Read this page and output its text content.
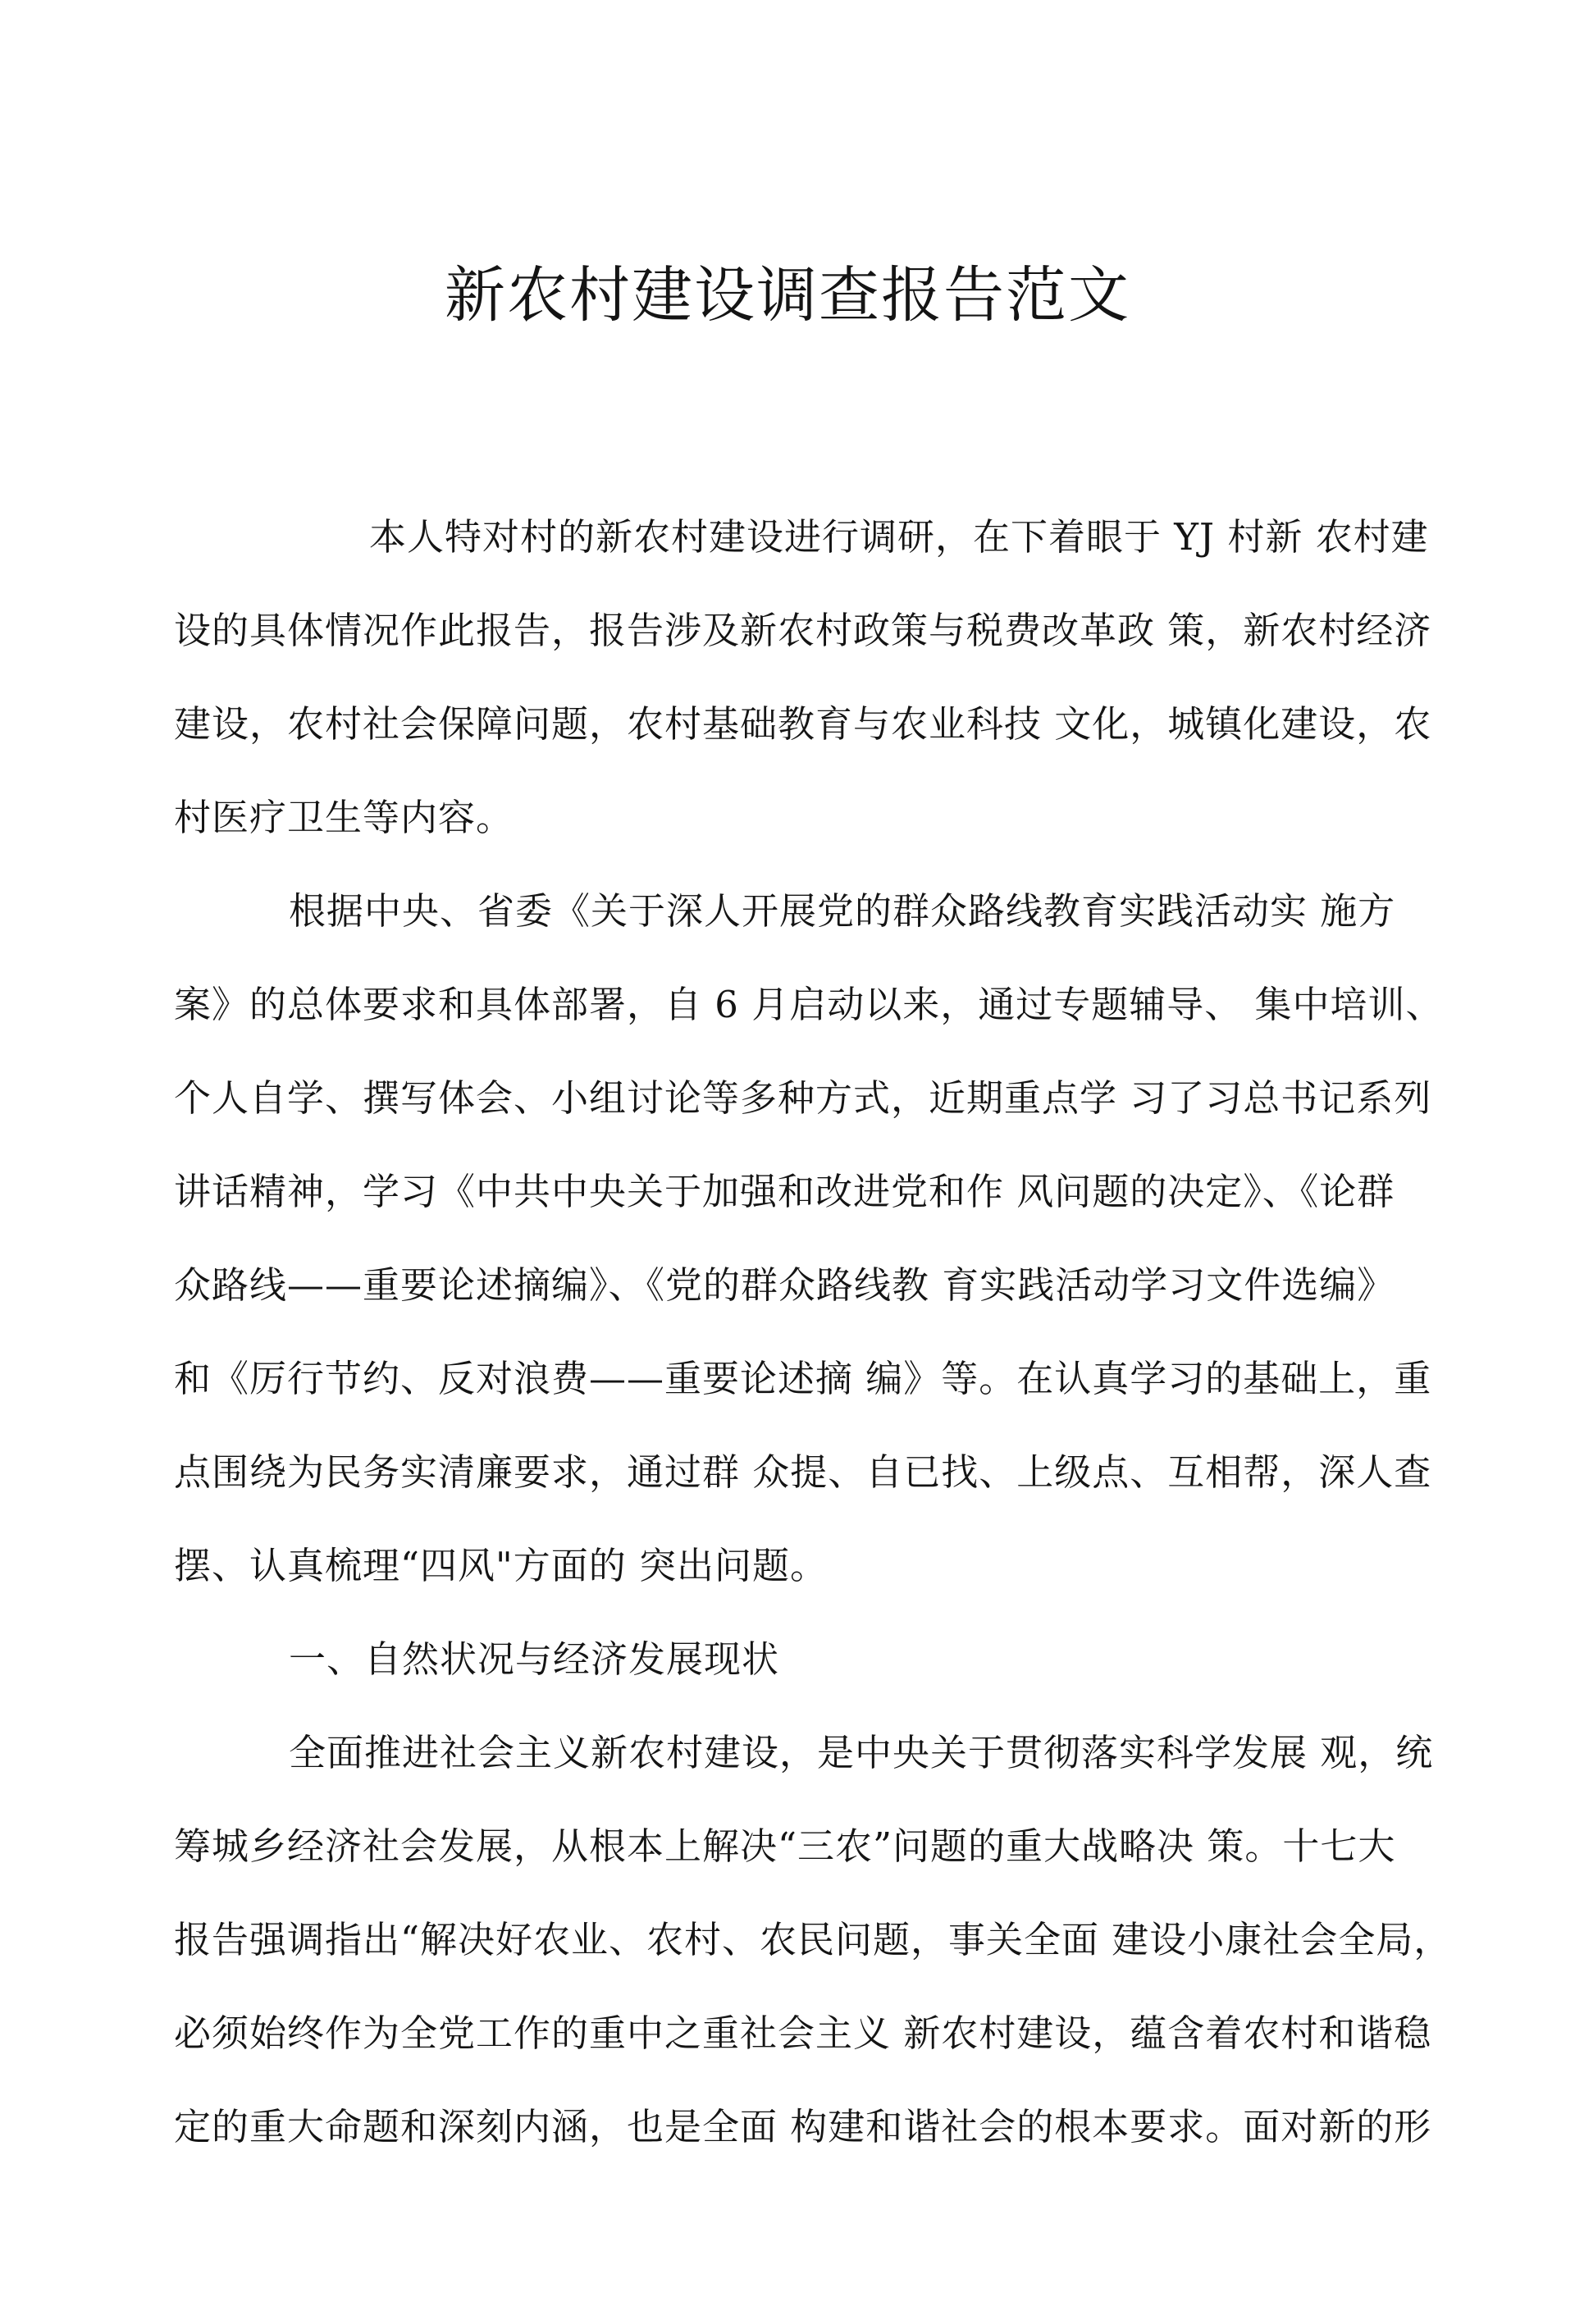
新农村建设调查报告范文
本人特对村的新农村建设进行调研，在下着眼于 YJ 村新 农村建
设的具体情况作此报告，报告涉及新农村政策与税费改革政 策，新农村经济
建设，农村社会保障问题，农村基础教育与农业科技 文化，城镇化建设，农
村医疗卫生等内容。
根据中央、省委《关于深人开展党的群众路线教育实践活动实 施方
案》的总体要求和具体部署，自 6 月启动以来，通过专题辅导、 集中培训、
个人自学、撰写体会、小组讨论等多种方式，近期重点学 习了习总书记系列
讲话精神，学习《中共中央关于加强和改进党和作 风问题的决定》、《论群
众路线——重要论述摘编》、《党的群众路线教 育实践活动学习文件选编》
和《厉行节约、反对浪费——重要论述摘 编》等。在认真学习的基础上，重
点围绕为民务实清廉要求，通过群 众提、自已找、上级点、互相帮，深人查
摆、认真梳理“四风"方面的 突出问题。
一、自然状况与经济发展现状
全面推进社会主义新农村建设，是中央关于贯彻落实科学发展 观，统
筹城乡经济社会发展，从根本上解决“三农”问题的重大战略决 策。十七大
报告强调指出“解决好农业、农村、农民问题，事关全面 建设小康社会全局，
必须始终作为全党工作的重中之重社会主义 新农村建设，蕴含着农村和谐稳
定的重大命题和深刻内涵，也是全面 构建和谐社会的根本要求。面对新的形
